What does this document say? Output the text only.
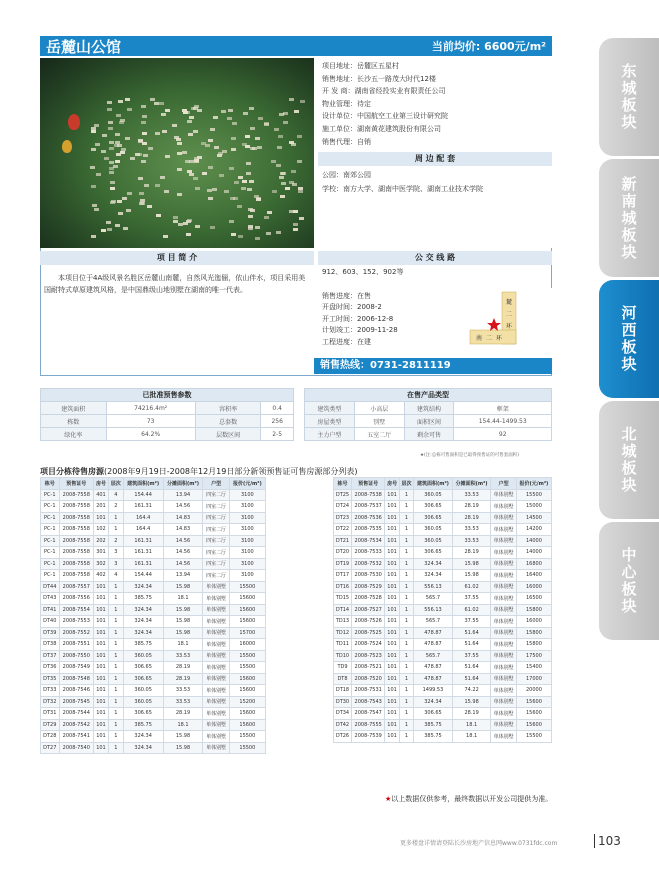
东城板块
新南城板块
河西板块
北城板块
中心板块
岳麓山公馆	当前均价: 6600元/m²
项目地址：岳麓区五星村
销售地址：长沙五一路茂大时代12楼
开 发 商：湖南省经投实业有限责任公司
物业管理：待定
设计单位：中国航空工业第三设计研究院
施工单位：湖南黄花建筑股份有限公司
销售代理：自销
周 边 配 套
公园：南郊公园
学校：南方大学、湖南中医学院、湖南工业技术学院
项 目 简 介	公 交 线 路
本项目位于4A级风景名胜区岳麓山南麓，自然风光迤俪，依山伴水，项目采用美国耐特式草原建筑风格，是中国鼎级山地别墅在湖南的唯一代表。
912、603、152、902等
销售进度：在售
开盘时间：2008-2
开工时间：2006-12-8
计划竣工：2009-11-28
工程进度：在建
麓
二
环
南 二 环
销售热线：0731-2811119
已批准预售参数			
建筑面积	74216.4m²	容积率	0.4
栋数	73	总套数	256
绿化率	64.2%	层数区间	2-5
在售产品类型			
建筑类型	小高层	建筑结构	框架
房屋类型	别墅	面积区间	154.44-1499.53
主力户型	五室二厅	剩余可售	92
★(注:总栋可售面积是已取得预售证的可售套面积)
项目分栋待售房源(2008年9月19日-2008年12月19日部分新领预售证可售房源部分列表)
栋号	预售证号	房号	层次	建筑面积(m²)	分摊面积(m²)	户型	报价(元/m²)
PC-1	2008-7558	401	4	154.44	13.94	四室二厅	3100
PC-1	2008-7558	201	2	161.31	14.56	四室二厅	3100
PC-1	2008-7558	101	1	164.4	14.83	四室二厅	3100
PC-1	2008-7558	102	1	164.4	14.83	四室二厅	3100
PC-1	2008-7558	202	2	161.31	14.56	四室二厅	3100
PC-1	2008-7558	301	3	161.31	14.56	四室二厅	3100
PC-1	2008-7558	302	3	161.31	14.56	四室二厅	3100
PC-1	2008-7558	402	4	154.44	13.94	四室二厅	3100
DT44	2008-7557	101	1	324.34	15.98	单体别墅	15500
DT43	2008-7556	101	1	385.75	18.1	单体别墅	15600
DT41	2008-7554	101	1	324.34	15.98	单体别墅	15600
DT40	2008-7553	101	1	324.34	15.98	单体别墅	15600
DT39	2008-7552	101	1	324.34	15.98	单体别墅	15700
DT38	2008-7551	101	1	385.75	18.1	单体别墅	16000
DT37	2008-7550	101	1	360.05	33.53	单体别墅	15500
DT36	2008-7549	101	1	306.65	28.19	单体别墅	15500
DT35	2008-7548	101	1	306.65	28.19	单体别墅	15600
DT33	2008-7546	101	1	360.05	33.53	单体别墅	15600
DT32	2008-7545	101	1	360.05	33.53	单体别墅	15200
DT31	2008-7544	101	1	306.65	28.19	单体别墅	15600
DT29	2008-7542	101	1	385.75	18.1	单体别墅	15600
DT28	2008-7541	101	1	324.34	15.98	单体别墅	15500
DT27	2008-7540	101	1	324.34	15.98	单体别墅	15500
栋号	预售证号	房号	层次	建筑面积(m²)	分摊面积(m²)	户型	报价(元/m²)
DT25	2008-7538	101	1	360.05	33.53	单体别墅	15500
DT24	2008-7537	101	1	306.65	28.19	单体别墅	15000
DT23	2008-7536	101	1	306.65	28.19	单体别墅	14500
DT22	2008-7535	101	1	360.05	33.53	单体别墅	14200
DT21	2008-7534	101	1	360.05	33.53	单体别墅	14000
DT20	2008-7533	101	1	306.65	28.19	单体别墅	14000
DT19	2008-7532	101	1	324.34	15.98	单体别墅	16800
DT17	2008-7530	101	1	324.34	15.98	单体别墅	16400
DT16	2008-7529	101	1	556.13	61.02	单体别墅	16000
TD15	2008-7528	101	1	565.7	37.55	单体别墅	16500
DT14	2008-7527	101	1	556.13	61.02	单体别墅	15800
TD13	2008-7526	101	1	565.7	37.55	单体别墅	16000
TD12	2008-7525	101	1	478.87	51.64	单体别墅	15800
TD11	2008-7524	101	1	478.87	51.64	单体别墅	15800
TD10	2008-7523	101	1	565.7	37.55	单体别墅	17500
TD9	2008-7521	101	1	478.87	51.64	单体别墅	15400
DT8	2008-7520	101	1	478.87	51.64	单体别墅	17000
DT18	2008-7531	101	1	1499.53	74.22	单体别墅	20000
DT30	2008-7543	101	1	324.34	15.98	单体别墅	15600
DT34	2008-7547	101	1	306.65	28.19	单体别墅	15600
DT42	2008-7555	101	1	385.75	18.1	单体别墅	15600
DT26	2008-7539	101	1	385.75	18.1	单体别墅	15500
★以上数据仅供参考，最终数据以开发公司提供为准。
更多楼盘详情请登陆长沙房地产信息网www.0731fdc.com	103
